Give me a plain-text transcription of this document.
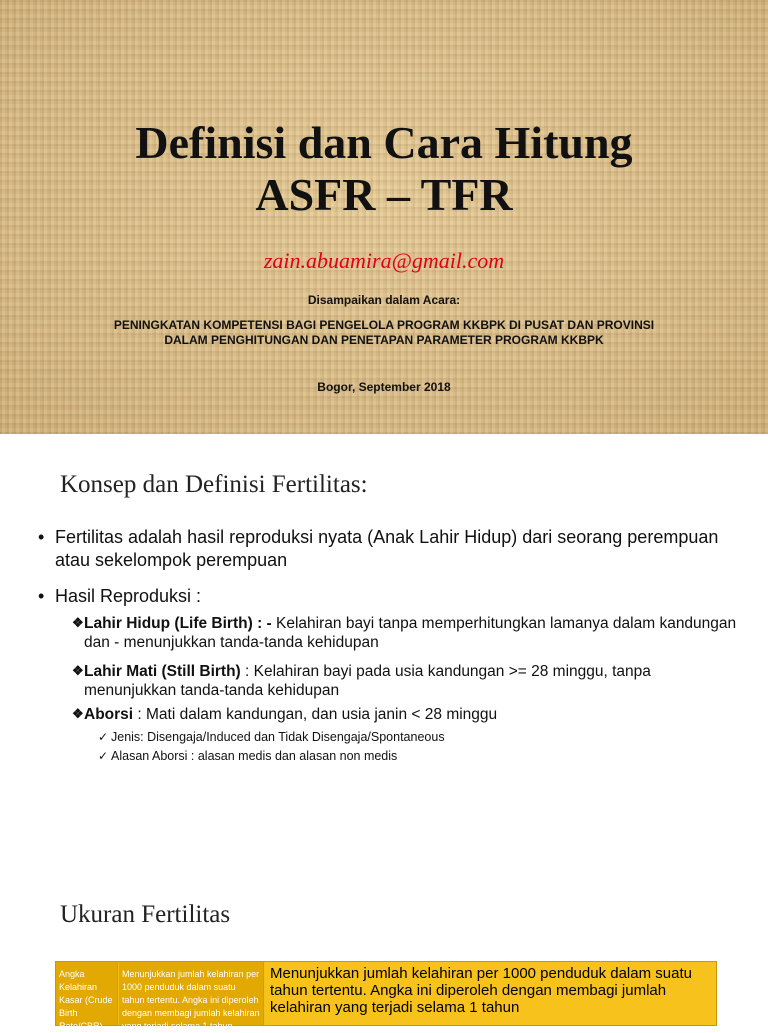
Definisi dan Cara Hitung
ASFR – TFR
zain.abuamira@gmail.com
Disampaikan dalam Acara:
PENINGKATAN KOMPETENSI BAGI PENGELOLA PROGRAM KKBPK DI PUSAT DAN PROVINSI
DALAM PENGHITUNGAN DAN PENETAPAN PARAMETER PROGRAM KKBPK
Bogor, September 2018
Konsep dan Definisi Fertilitas:
• Fertilitas adalah hasil reproduksi nyata (Anak Lahir Hidup) dari seorang perempuan atau sekelompok perempuan
• Hasil Reproduksi :
❖ Lahir Hidup (Life Birth) : - Kelahiran bayi tanpa memperhitungkan lamanya dalam kandungan dan - menunjukkan tanda-tanda kehidupan
❖ Lahir Mati (Still Birth) : Kelahiran bayi pada usia kandungan >= 28 minggu, tanpa menunjukkan tanda-tanda kehidupan
❖ Aborsi : Mati dalam kandungan, dan usia janin < 28 minggu
✓ Jenis: Disengaja/Induced dan Tidak Disengaja/Spontaneous
✓ Alasan Aborsi : alasan medis dan alasan non medis
Ukuran Fertilitas
Angka Kelahiran Kasar (Crude Birth Rate/CBR)
Menunjukkan jumlah kelahiran per 1000 penduduk dalam suatu tahun tertentu. Angka ini diperoleh dengan membagi jumlah kelahiran yang terjadi selama 1 tahun
Menunjukkan jumlah kelahiran per 1000 penduduk dalam suatu tahun tertentu. Angka ini diperoleh dengan membagi jumlah kelahiran yang terjadi selama 1 tahun
